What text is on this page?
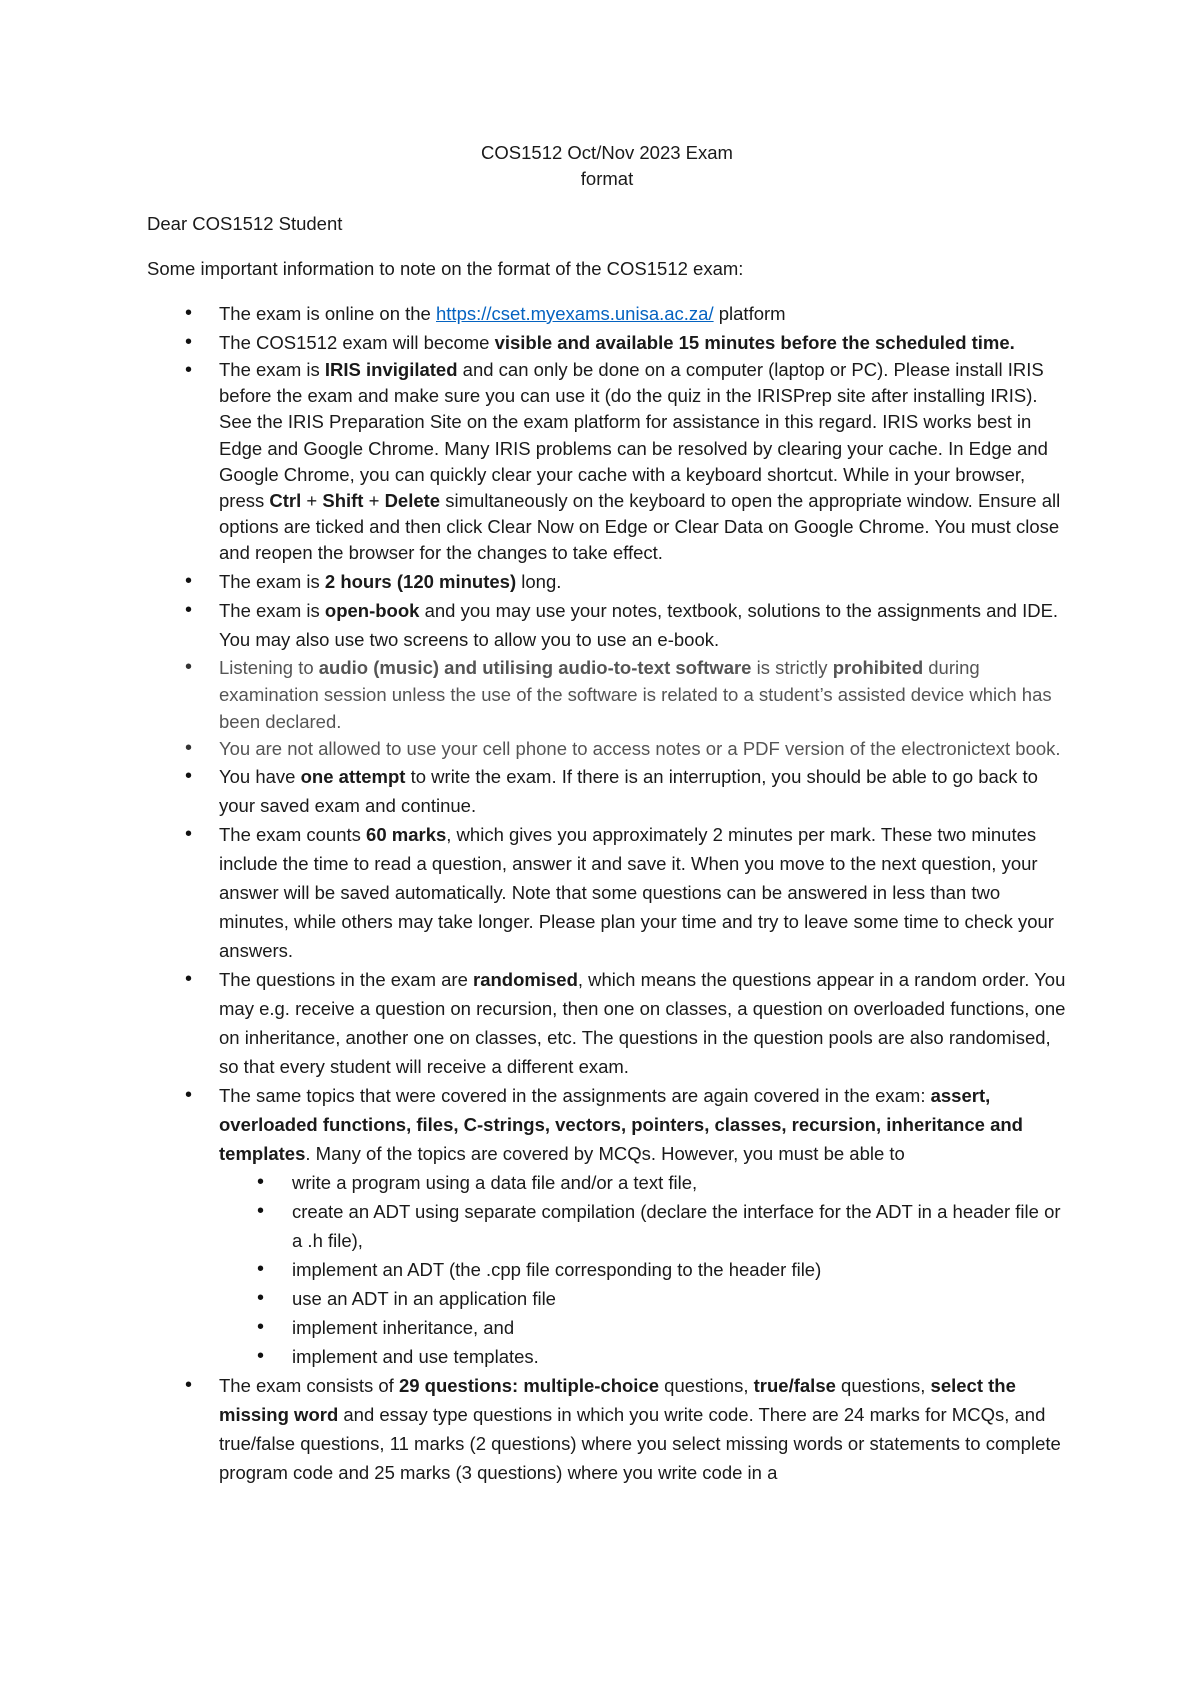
COS1512 Oct/Nov 2023 Exam
format

Dear COS1512 Student

Some important information to note on the format of the COS1512 exam:

• The exam is online on the https://cset.myexams.unisa.ac.za/ platform
• The COS1512 exam will become visible and available 15 minutes before the scheduled time.
• The exam is IRIS invigilated and can only be done on a computer (laptop or PC). Please install IRIS before the exam and make sure you can use it (do the quiz in the IRISPrep site after installing IRIS). See the IRIS Preparation Site on the exam platform for assistance in this regard. IRIS works best in Edge and Google Chrome. Many IRIS problems can be resolved by clearing your cache. In Edge and Google Chrome, you can quickly clear your cache with a keyboard shortcut. While in your browser, press Ctrl + Shift + Delete simultaneously on the keyboard to open the appropriate window. Ensure all options are ticked and then click Clear Now on Edge or Clear Data on Google Chrome. You must close and reopen the browser for the changes to take effect.
• The exam is 2 hours (120 minutes) long.
• The exam is open-book and you may use your notes, textbook, solutions to the assignments and IDE. You may also use two screens to allow you to use an e-book.
• Listening to audio (music) and utilising audio-to-text software is strictly prohibited during examination session unless the use of the software is related to a student’s assisted device which has been declared.
• You are not allowed to use your cell phone to access notes or a PDF version of the electronictext book.
• You have one attempt to write the exam. If there is an interruption, you should be able to go back to your saved exam and continue.
• The exam counts 60 marks, which gives you approximately 2 minutes per mark. These two minutes include the time to read a question, answer it and save it. When you move to the next question, your answer will be saved automatically. Note that some questions can be answered in less than two minutes, while others may take longer. Please plan your time and try to leave some time to check your answers.
• The questions in the exam are randomised, which means the questions appear in a random order. You may e.g. receive a question on recursion, then one on classes, a question on overloaded functions, one on inheritance, another one on classes, etc. The questions in the question pools are also randomised, so that every student will receive a different exam.
• The same topics that were covered in the assignments are again covered in the exam: assert, overloaded functions, files, C-strings, vectors, pointers, classes, recursion, inheritance and templates. Many of the topics are covered by MCQs. However, you must be able to
• write a program using a data file and/or a text file,
• create an ADT using separate compilation (declare the interface for the ADT in a header file or a .h file),
• implement an ADT (the .cpp file corresponding to the header file)
• use an ADT in an application file
• implement inheritance, and
• implement and use templates.
• The exam consists of 29 questions: multiple-choice questions, true/false questions, select the missing word and essay type questions in which you write code. There are 24 marks for MCQs, and true/false questions, 11 marks (2 questions) where you select missing words or statements to complete program code and 25 marks (3 questions) where you write code in a
